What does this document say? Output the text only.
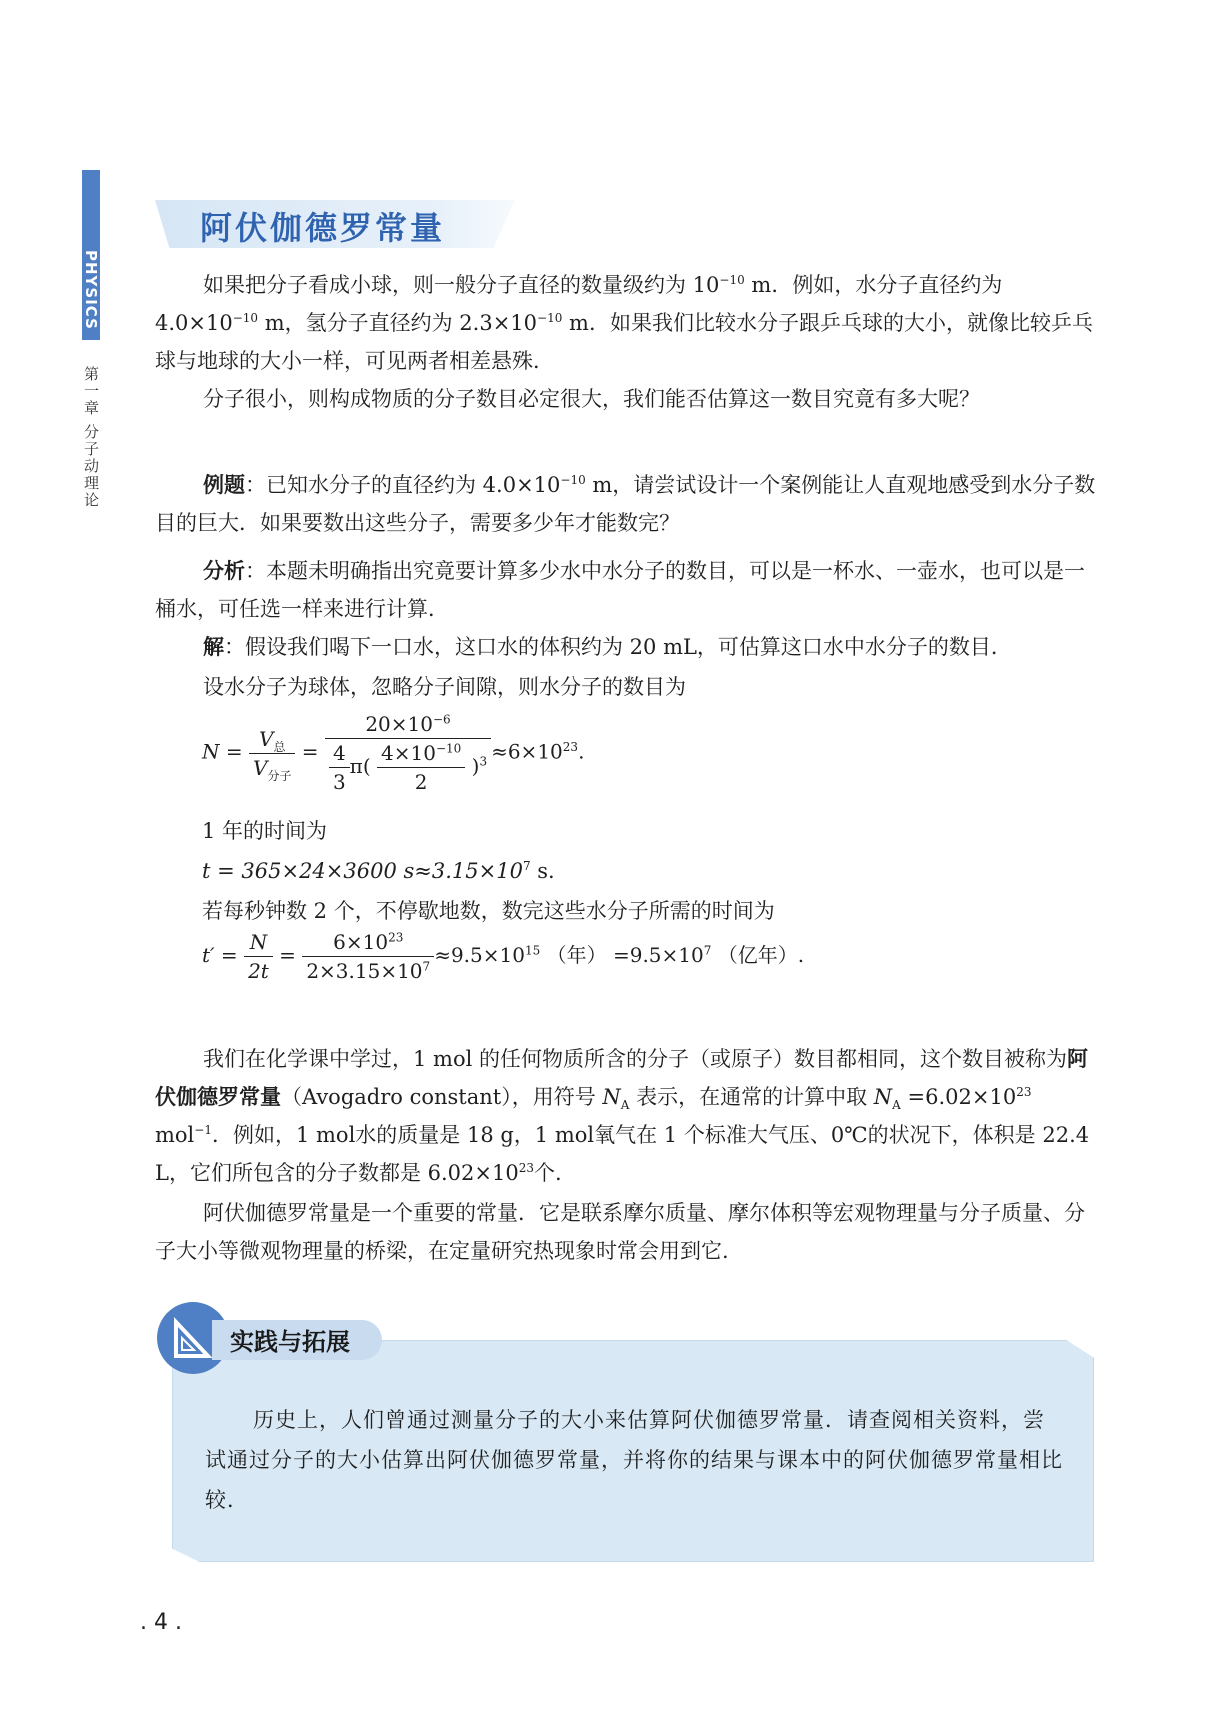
PHYSICS
第一章 分子动理论
阿伏伽德罗常量

如果把分子看成小球，则一般分子直径的数量级约为 $10^{-10}$ m．例如，水分子直径约为 $4.0\times 10^{-10}$ m，氢分子直径约为 $2.3\times 10^{-10}$ m．如果我们比较水分子跟乒乓球的大小，就像比较乒乓球与地球的大小一样，可见两者相差悬殊．

分子很小，则构成物质的分子数目必定很大，我们能否估算这一数目究竟有多大呢？

例题：已知水分子的直径约为 $4.0\times 10^{-10}$ m，请尝试设计一个案例能让人直观地感受到水分子数目的巨大．如果要数出这些分子，需要多少年才能数完？

分析：本题未明确指出究竟要计算多少水中水分子的数目，可以是一杯水、一壶水，也可以是一桶水，可任选一样来进行计算．

解：假设我们喝下一口水，这口水的体积约为 20 mL，可估算这口水中水分子的数目．

设水分子为球体，忽略分子间隙，则水分子的数目为

$N = \frac{V_总}{V_{分子}} = \frac{20\times 10^{-6}}{\frac{4}{3} \pi( \frac{4\times 10^{-10}}{2} )^3} \approx 6\times 10^{23}$.

1 年的时间为

t = 365×24×3600 $s\approx 3.15\times 10^7$ s.

若每秒钟数 2 个，不停歇地数，数完这些水分子所需的时间为

$t' = \frac{N}{2t} = \frac{6\times 10^{23}}{2\times 3.15\times 10^7} \approx 9.5\times 10^{15}$ （年） $=9.5\times 10^7$ （亿年）.

我们在化学课中学过，1 mol 的任何物质所含的分子（或原子）数目都相同，这个数目被称为阿伏伽德罗常量（Avogadro constant），用符号 $N_A$ 表示，在通常的计算中取 $N_A =6.02\times 10^{23}$ mol$^{-1}$．例如，1 mol水的质量是 18 g，1 mol氧气在 1 个标准大气压、0℃的状况下，体积是 22.4 L，它们所包含的分子数都是 $6.02\times 10^{23}$个.

阿伏伽德罗常量是一个重要的常量．它是联系摩尔质量、摩尔体积等宏观物理量与分子质量、分子大小等微观物理量的桥梁，在定量研究热现象时常会用到它.

实践与拓展

历史上，人们曾通过测量分子的大小来估算阿伏伽德罗常量．请查阅相关资料，尝试通过分子的大小估算出阿伏伽德罗常量，并将你的结果与课本中的阿伏伽德罗常量相比较．

. 4 .
